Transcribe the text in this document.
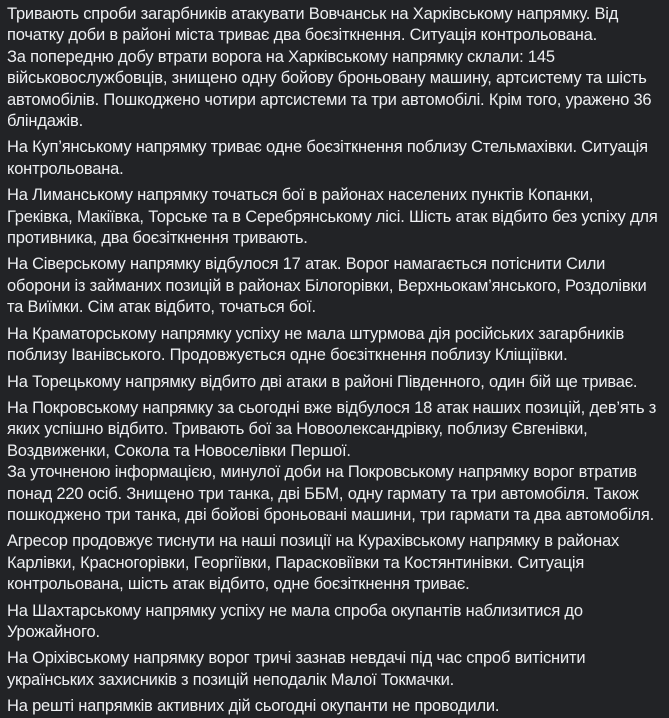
Тривають спроби загарбників атакувати Вовчанськ на Харківському напрямку. Від початку доби в районі міста триває два боєзіткнення. Ситуація контрольована.

За попередню добу втрати ворога на Харківському напрямку склали: 145 військовослужбовців, знищено одну бойову броньовану машину, артсистему та шість автомобілів. Пошкоджено чотири артсистеми та три автомобілі. Крім того, уражено 36 бліндажів.

На Куп’янському напрямку триває одне боєзіткнення поблизу Стельмахівки. Ситуація контрольована.

На Лиманському напрямку точаться бої в районах населених пунктів Копанки, Греківка, Макіївка, Торське та в Серебрянському лісі. Шість атак відбито без успіху для противника, два боєзіткнення тривають.

На Сіверському напрямку відбулося 17 атак. Ворог намагається потіснити Сили оборони із займаних позицій в районах Білогорівки, Верхньокам’янського, Роздолівки та Виїмки. Сім атак відбито, точаться бої.

На Краматорському напрямку успіху не мала штурмова дія російських загарбників поблизу Іванівського. Продовжується одне боєзіткнення поблизу Кліщіївки.

На Торецькому напрямку відбито дві атаки в районі Південного, один бій ще триває.

На Покровському напрямку за сьогодні вже відбулося 18 атак наших позицій, дев’ять з яких успішно відбито. Тривають бої за Новоолександрівку, поблизу Євгенівки, Воздвиженки, Сокола та Новоселівки Першої.

За уточненою інформацією, минулої доби на Покровському напрямку ворог втратив понад 220 осіб. Знищено три танка, дві ББМ, одну гармату та три автомобіля. Також пошкоджено три танка, дві бойові броньовані машини, три гармати та два автомобіля.

Агресор продовжує тиснути на наші позиції на Курахівському напрямку в районах Карлівки, Красногорівки, Георгіївки, Парасковіївки та Костянтинівки. Ситуація контрольована, шість атак відбито, одне боєзіткнення триває.

На Шахтарському напрямку успіху не мала спроба окупантів наблизитися до Урожайного.

На Оріхівському напрямку ворог тричі зазнав невдачі під час спроб витіснити українських захисників з позицій неподалік Малої Токмачки.

На решті напрямків активних дій сьогодні окупанти не проводили.
